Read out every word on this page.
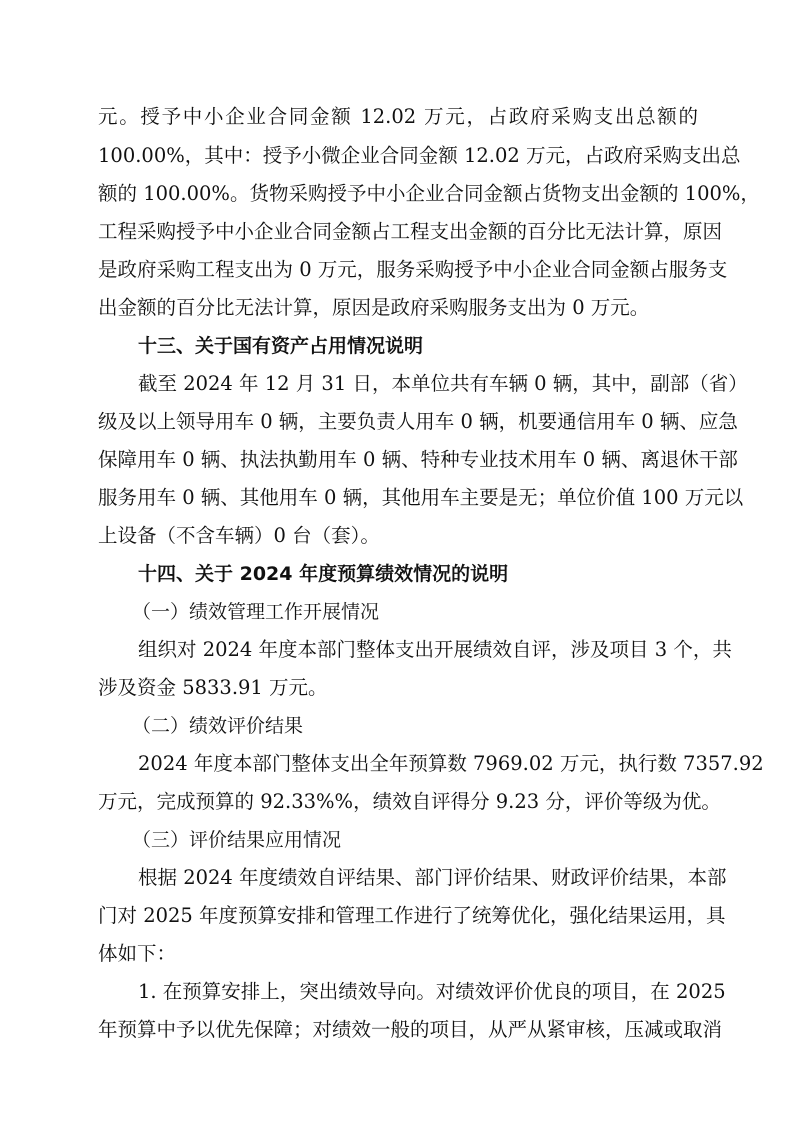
元。授予中小企业合同金额 12.02 万元，占政府采购支出总额的
100.00%，其中：授予小微企业合同金额 12.02 万元，占政府采购支出总
额的 100.00%。货物采购授予中小企业合同金额占货物支出金额的 100%，
工程采购授予中小企业合同金额占工程支出金额的百分比无法计算，原因
是政府采购工程支出为 0 万元，服务采购授予中小企业合同金额占服务支
出金额的百分比无法计算，原因是政府采购服务支出为 0 万元。
十三、关于国有资产占用情况说明
截至 2024 年 12 月 31 日，本单位共有车辆 0 辆，其中，副部（省）
级及以上领导用车 0 辆，主要负责人用车 0 辆，机要通信用车 0 辆、应急
保障用车 0 辆、执法执勤用车 0 辆、特种专业技术用车 0 辆、离退休干部
服务用车 0 辆、其他用车 0 辆，其他用车主要是无；单位价值 100 万元以
上设备（不含车辆）0 台（套）。
十四、关于 2024 年度预算绩效情况的说明
（一）绩效管理工作开展情况
组织对 2024 年度本部门整体支出开展绩效自评，涉及项目 3 个，共
涉及资金 5833.91 万元。
（二）绩效评价结果
2024 年度本部门整体支出全年预算数 7969.02 万元，执行数 7357.92
万元，完成预算的 92.33%%，绩效自评得分 9.23 分，评价等级为优。
（三）评价结果应用情况
根据 2024 年度绩效自评结果、部门评价结果、财政评价结果，本部
门对 2025 年度预算安排和管理工作进行了统筹优化，强化结果运用，具
体如下：
1. 在预算安排上，突出绩效导向。对绩效评价优良的项目，在 2025
年预算中予以优先保障；对绩效一般的项目，从严从紧审核，压减或取消
